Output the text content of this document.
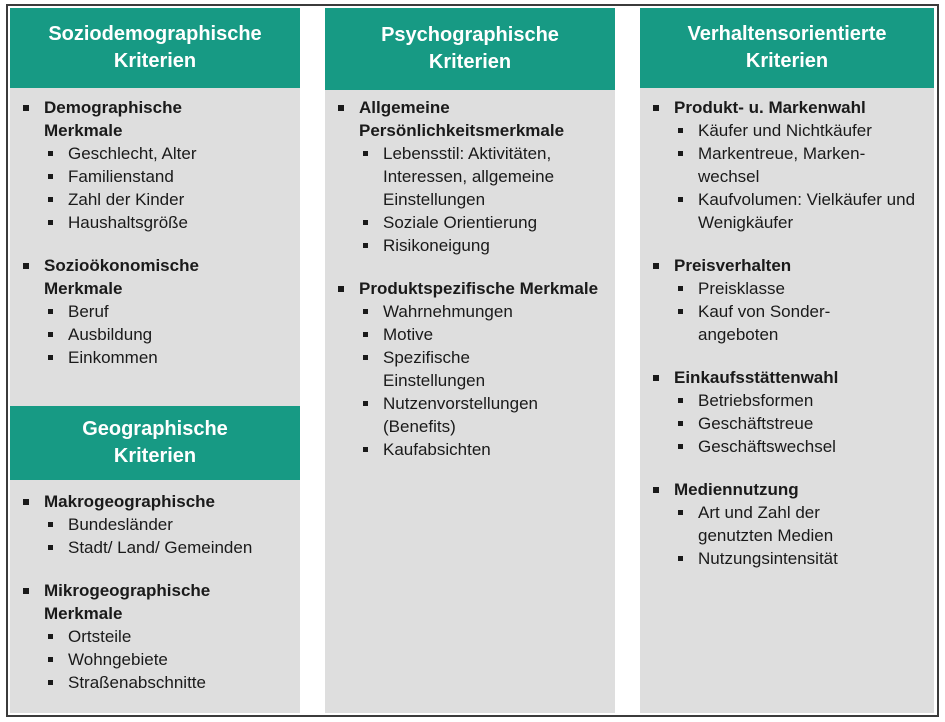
Soziodemographische Kriterien
Demographische Merkmale
Geschlecht, Alter
Familienstand
Zahl der Kinder
Haushaltsgröße
Sozioökonomische Merkmale
Beruf
Ausbildung
Einkommen
Geographische Kriterien
Makrogeographische
Bundesländer
Stadt/ Land/ Gemeinden
Mikrogeographische Merkmale
Ortsteile
Wohngebiete
Straßenabschnitte
Psychographische Kriterien
Allgemeine Persönlichkeitsmerkmale
Lebensstil: Aktivitäten, Interessen, allgemeine Einstellungen
Soziale Orientierung
Risikoneigung
Produktspezifische Merkmale
Wahrnehmungen
Motive
Spezifische Einstellungen
Nutzenvorstellungen (Benefits)
Kaufabsichten
Verhaltensorientierte Kriterien
Produkt- u. Markenwahl
Käufer und Nichtkäufer
Markentreue, Marken-wechsel
Kaufvolumen: Vielkäufer und Wenigkäufer
Preisverhalten
Preisklasse
Kauf von Sonder-angeboten
Einkaufsstättenwahl
Betriebsformen
Geschäftstreue
Geschäftswechsel
Mediennutzung
Art und Zahl der genutzten Medien
Nutzungsintensität
